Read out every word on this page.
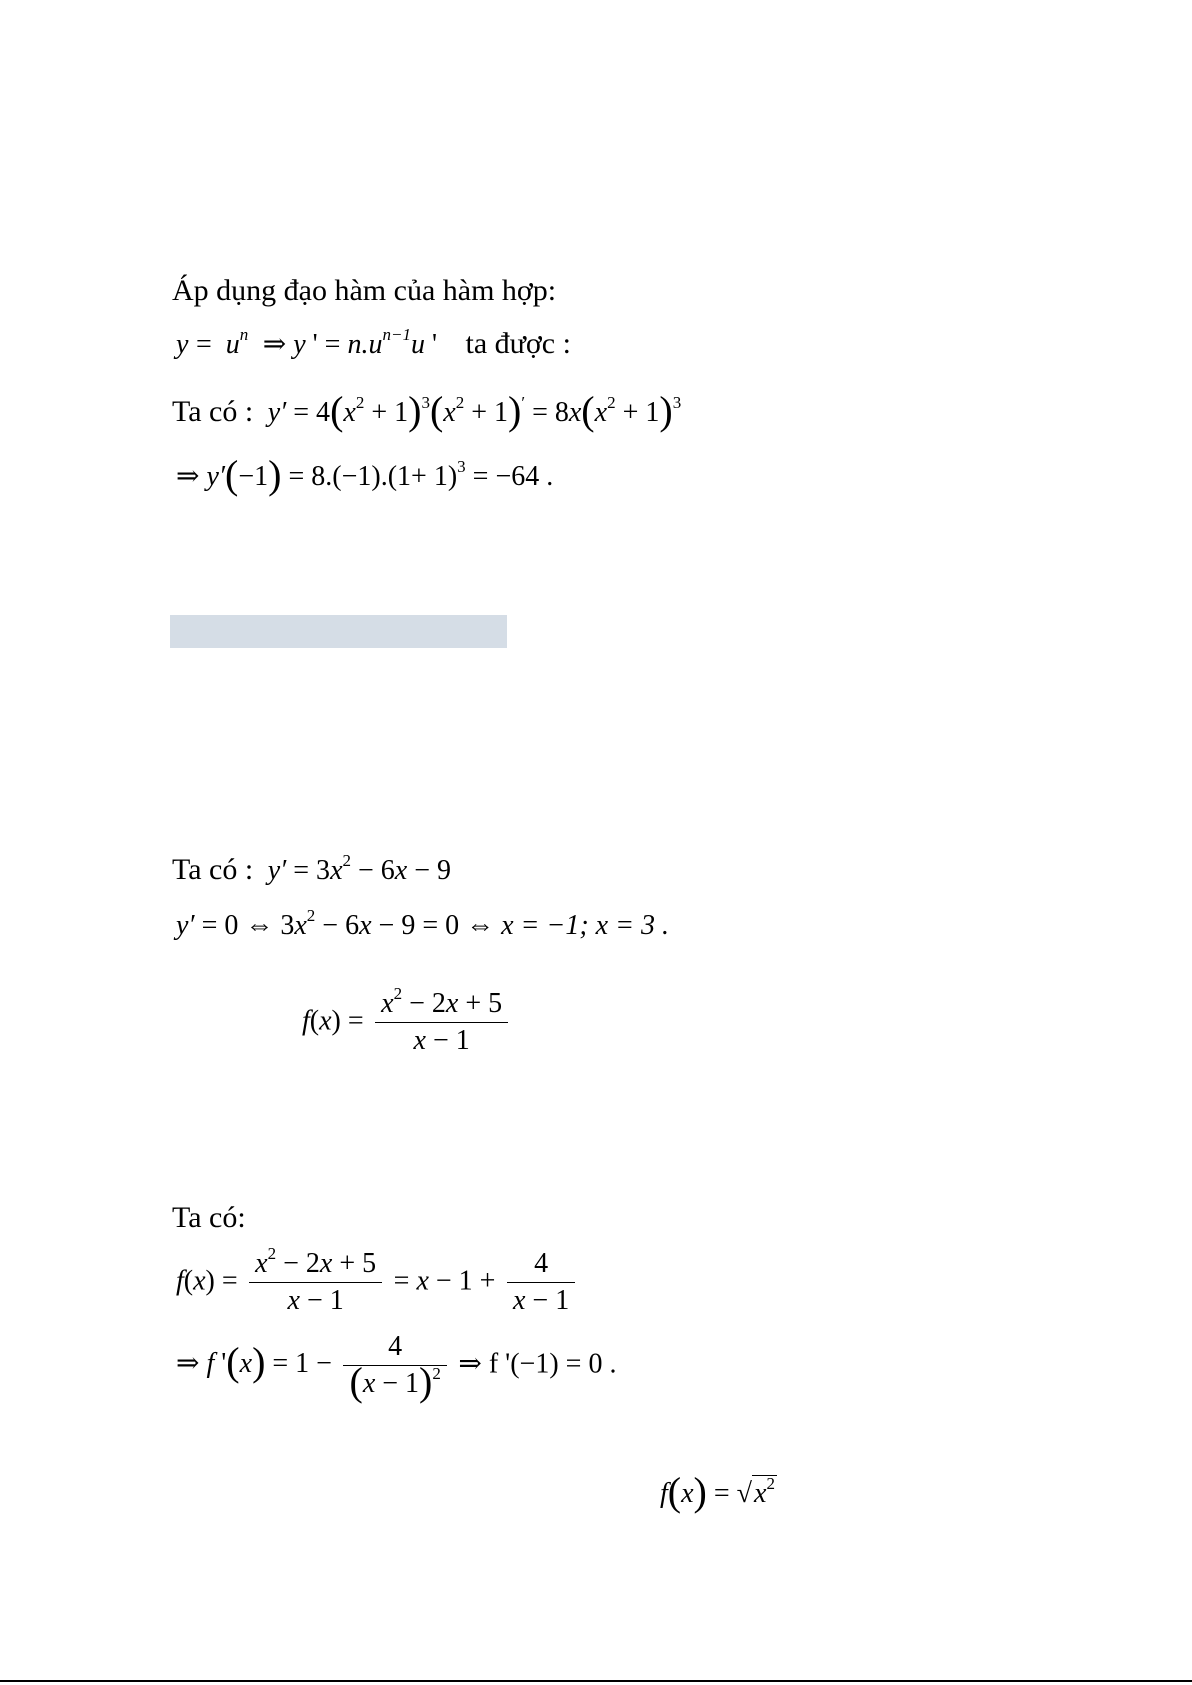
Áp dụng đạo hàm của hàm hợp:
$y = u^n$  ⇒ y ' = $n.u^{n-1}u$ '    ta được :
Ta có : $y' = 4(x^2 + 1)^3(x^2 + 1)' = 8x(x^2 + 1)^3$
⇒ $y'(-1) = 8.(-1).(1+ 1)^3 = -64$ .
Ta có : $y' = 3x^2 - 6x - 9$
y′ = 0 ⇔ $3x^2 - 6x - 9 = 0$ ⇔ x = −1; x = 3 .
$f(x) = \frac{x^2 - 2x + 5}{x - 1}$
Ta có:
$f(x) = \frac{x^2 - 2x + 5}{x - 1} = x - 1 + \frac{4}{x - 1}$
⇒ f '$(x) = 1 - \frac{4}{(x - 1)^2}$ ⇒ f '(−1) = 0 .
$f(x) = √x^2$
